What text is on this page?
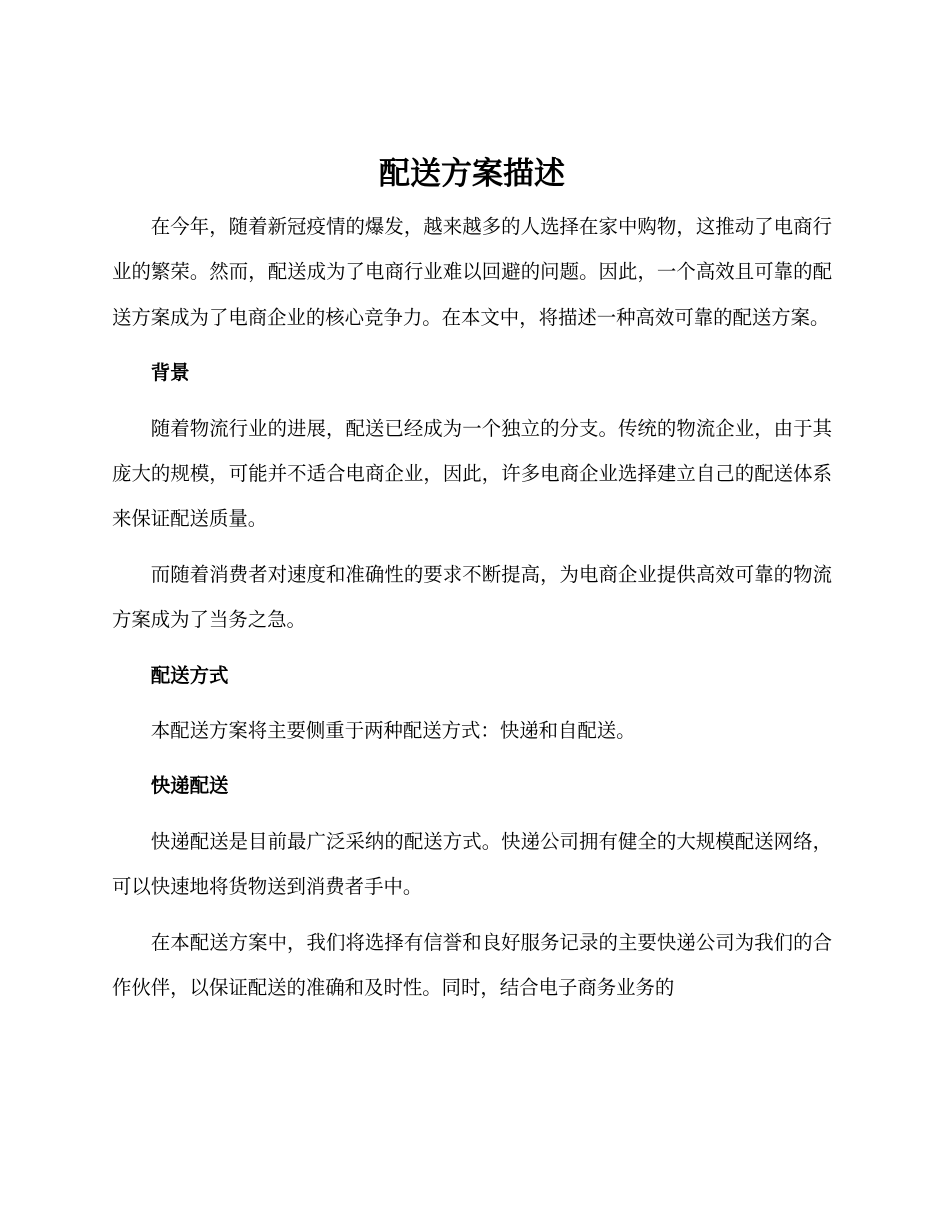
配送方案描述

在今年，随着新冠疫情的爆发，越来越多的人选择在家中购物，这推动了电商行业的繁荣。然而，配送成为了电商行业难以回避的问题。因此，一个高效且可靠的配送方案成为了电商企业的核心竞争力。在本文中，将描述一种高效可靠的配送方案。

背景

随着物流行业的进展，配送已经成为一个独立的分支。传统的物流企业，由于其庞大的规模，可能并不适合电商企业，因此，许多电商企业选择建立自己的配送体系来保证配送质量。

而随着消费者对速度和准确性的要求不断提高，为电商企业提供高效可靠的物流方案成为了当务之急。

配送方式

本配送方案将主要侧重于两种配送方式：快递和自配送。

快递配送

快递配送是目前最广泛采纳的配送方式。快递公司拥有健全的大规模配送网络，可以快速地将货物送到消费者手中。

在本配送方案中，我们将选择有信誉和良好服务记录的主要快递公司为我们的合作伙伴，以保证配送的准确和及时性。同时，结合电子商务业务的
